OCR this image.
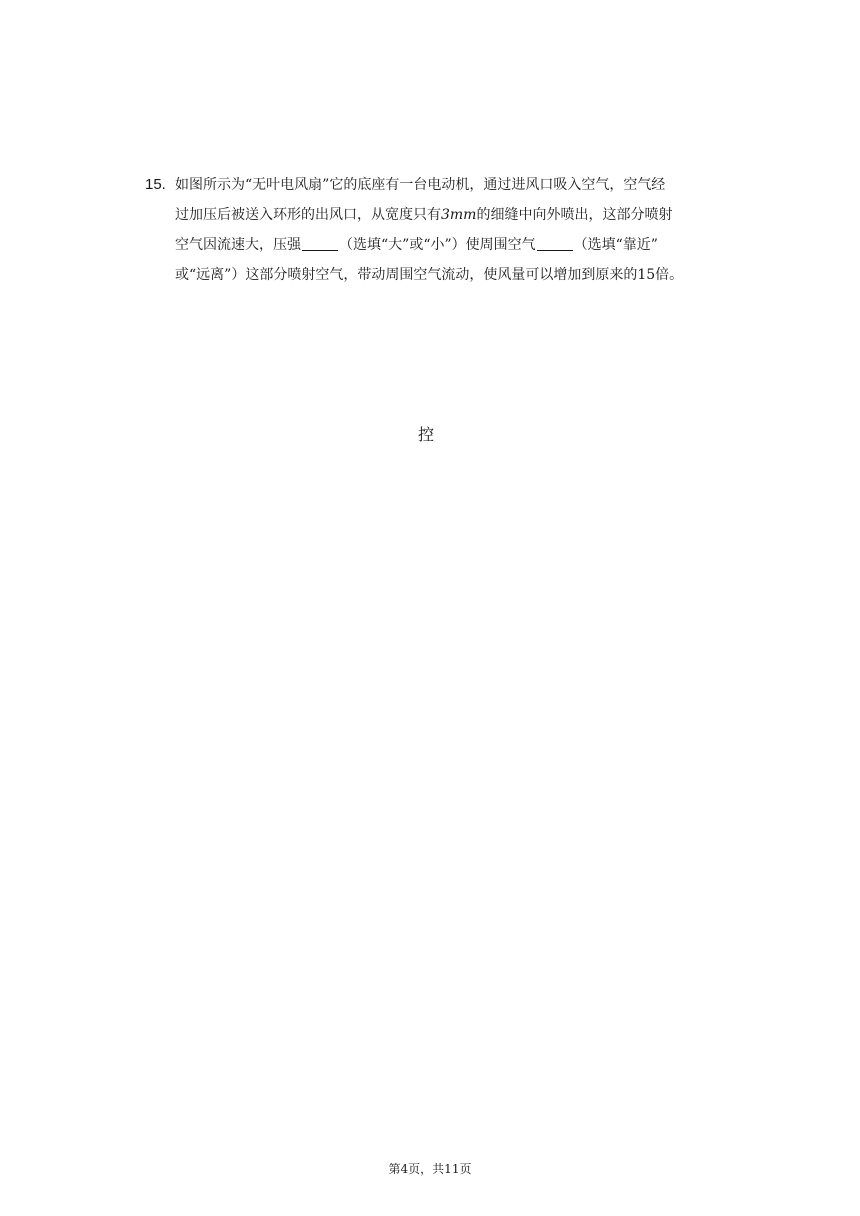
15. 如图所示为“无叶电风扇”它的底座有一台电动机，通过进风口吸入空气，空气经
过加压后被送入环形的出风口，从宽度只有3mm的细缝中向外喷出，这部分喷射
空气因流速大，压强	（选填“大”或“小”）使周围空气	（选填“靠近”
或“远离”）这部分喷射空气，带动周围空气流动，使风量可以增加到原来的15倍。
控
第4页，共11页
